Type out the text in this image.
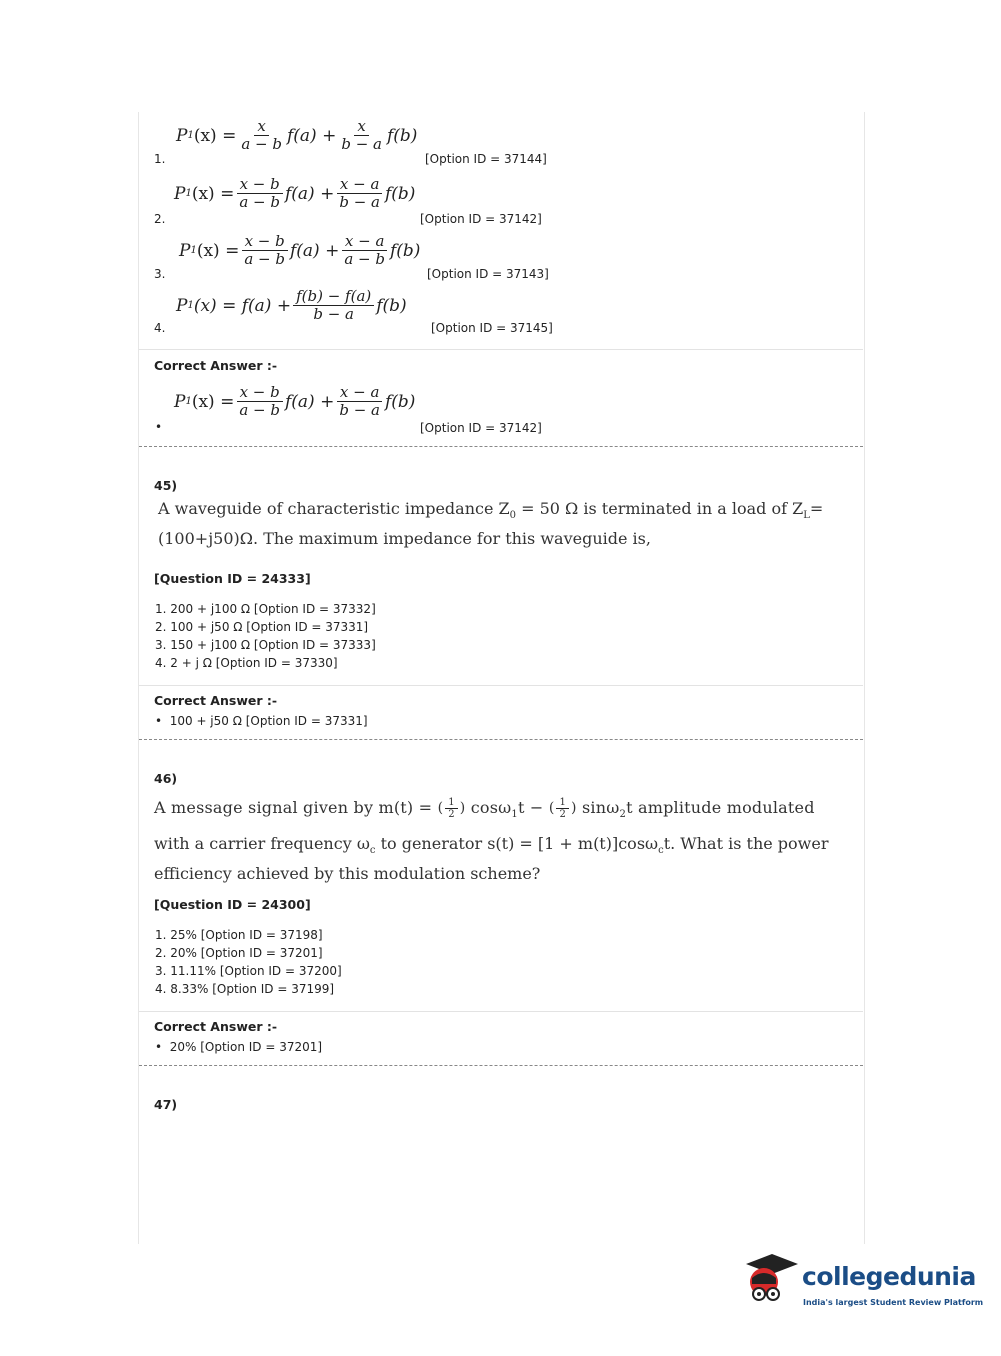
1.
P 1 $(x) = \frac{x}{a - b} f(a) + \frac{x}{b - a} f(b)$
[Option ID = 37144]
2.
P 1 $(x) = \frac{x - b}{a - b} f(a) + \frac{x - a}{b - a} f(b)$
[Option ID = 37142]
3.
P 1 $(x) = \frac{x - b}{a - b} f(a) + \frac{x - a}{a - b} f(b)$
[Option ID = 37143]
4.
P 1 $(x) = f(a) + \frac{f(b) - f(a)}{b - a} f(b)$
[Option ID = 37145]
Correct Answer :-
•
P 1 $(x) = \frac{x - b}{a - b} f(a) + \frac{x - a}{b - a} f(b)$
[Option ID = 37142]
45)
A waveguide of characteristic impedance $Z_0 = 50$ Ω is terminated in a load of $Z_L=$
(100+j50)Ω. The maximum impedance for this waveguide is,
[Question ID = 24333]
1. 200 + j100 Ω [Option ID = 37332]
2. 100 + j50 Ω [Option ID = 37331]
3. 150 + j100 Ω [Option ID = 37333]
4. 2 + j Ω [Option ID = 37330]
Correct Answer :-
•  100 + j50 Ω [Option ID = 37331]
46)
A message signal given by m(t) = ( $\frac{1}{2}$ ) cosω$_1$t − ( $\frac{1}{2}$ ) sinω$_2$t amplitude modulated
with a carrier frequency $\omega_c$ to generator s(t) = [1 + m(t)]cosω$_c$t. What is the power
efficiency achieved by this modulation scheme?
[Question ID = 24300]
1. 25% [Option ID = 37198]
2. 20% [Option ID = 37201]
3. 11.11% [Option ID = 37200]
4. 8.33% [Option ID = 37199]
Correct Answer :-
•  20% [Option ID = 37201]
47)
collegedunia
India's largest Student Review Platform
